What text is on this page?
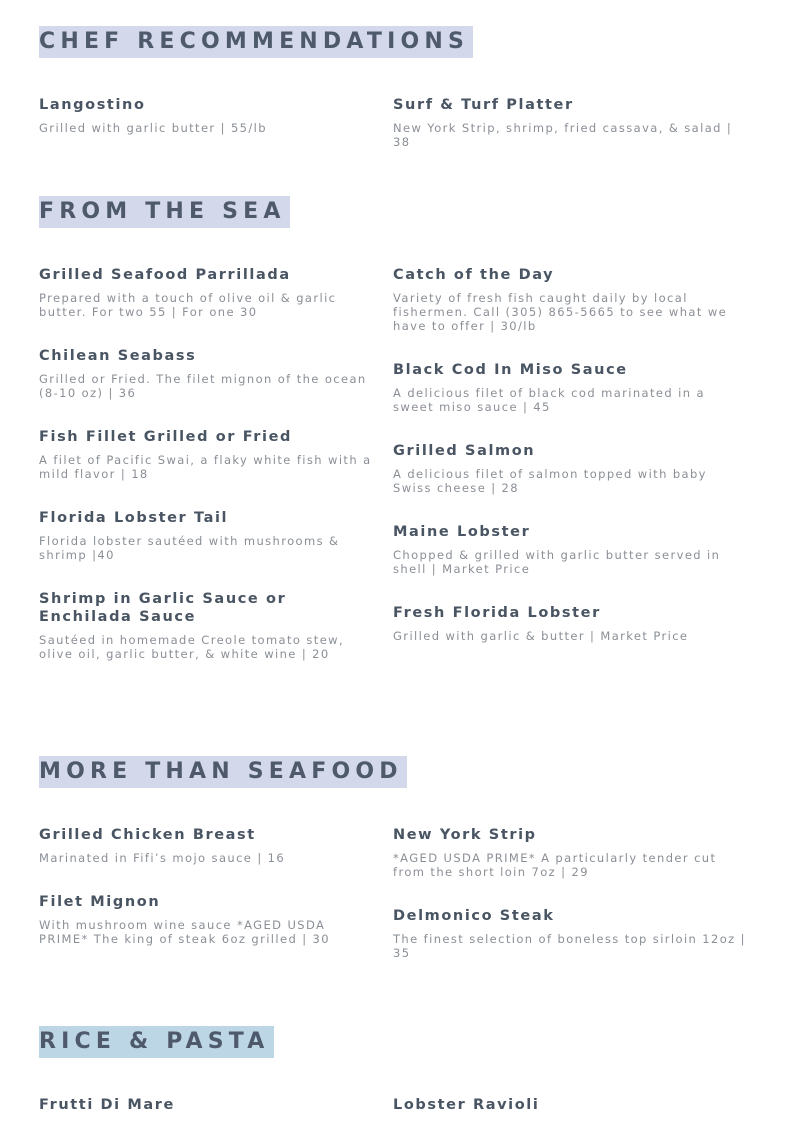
CHEF RECOMMENDATIONS

Langostino

Grilled with garlic butter | 55/lb

Surf & Turf Platter

New York Strip, shrimp, fried cassava, & salad | 38

FROM THE SEA

Grilled Seafood Parrillada

Prepared with a touch of olive oil & garlic butter. For two 55 | For one 30

Chilean Seabass

Grilled or Fried. The filet mignon of the ocean (8-10 oz) | 36

Fish Fillet Grilled or Fried

A filet of Pacific Swai, a flaky white fish with a mild flavor | 18

Florida Lobster Tail

Florida lobster sautéed with mushrooms & shrimp |40

Shrimp in Garlic Sauce or Enchilada Sauce

Sautéed in homemade Creole tomato stew, olive oil, garlic butter, & white wine | 20

Catch of the Day

Variety of fresh fish caught daily by local fishermen. Call (305) 865-5665 to see what we have to offer | 30/lb

Black Cod In Miso Sauce

A delicious filet of black cod marinated in a sweet miso sauce | 45

Grilled Salmon

A delicious filet of salmon topped with baby Swiss cheese | 28

Maine Lobster

Chopped & grilled with garlic butter served in shell | Market Price

Fresh Florida Lobster

Grilled with garlic & butter | Market Price

MORE THAN SEAFOOD

Grilled Chicken Breast

Marinated in Fifi’s mojo sauce | 16

Filet Mignon

With mushroom wine sauce *AGED USDA PRIME* The king of steak 6oz grilled | 30

New York Strip

*AGED USDA PRIME* A particularly tender cut from the short loin 7oz | 29

Delmonico Steak

The finest selection of boneless top sirloin 12oz | 35

RICE & PASTA

Frutti Di Mare	Lobster Ravioli
